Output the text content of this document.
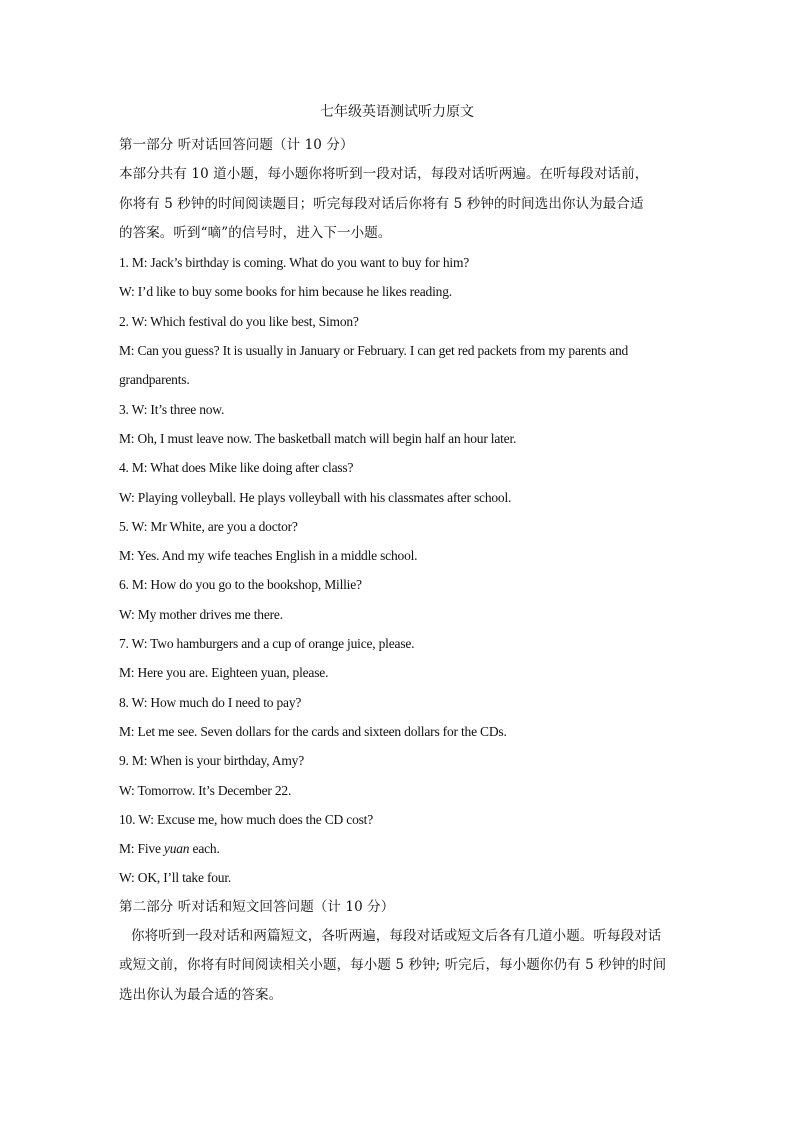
七年级英语测试听力原文
第一部分 听对话回答问题（计 10 分）
本部分共有 10 道小题，每小题你将听到一段对话，每段对话听两遍。在听每段对话前，
你将有 5 秒钟的时间阅读题目；听完每段对话后你将有 5 秒钟的时间选出你认为最合适
的答案。听到“嘀”的信号时，进入下一小题。
1. M: Jack’s birthday is coming. What do you want to buy for him?
W: I’d like to buy some books for him because he likes reading.
2. W: Which festival do you like best, Simon?
M: Can you guess? It is usually in January or February. I can get red packets from my parents and
grandparents.
3. W: It’s three now.
M: Oh, I must leave now. The basketball match will begin half an hour later.
4. M: What does Mike like doing after class?
W: Playing volleyball. He plays volleyball with his classmates after school.
5. W: Mr White, are you a doctor?
M: Yes. And my wife teaches English in a middle school.
6. M: How do you go to the bookshop, Millie?
W: My mother drives me there.
7. W: Two hamburgers and a cup of orange juice, please.
M: Here you are. Eighteen yuan, please.
8. W: How much do I need to pay?
M: Let me see. Seven dollars for the cards and sixteen dollars for the CDs.
9. M: When is your birthday, Amy?
W: Tomorrow. It’s December 22.
10. W: Excuse me, how much does the CD cost?
M: Five yuan each.
W: OK, I’ll take four.
第二部分 听对话和短文回答问题（计 10 分）
你将听到一段对话和两篇短文，各听两遍，每段对话或短文后各有几道小题。听每段对话
或短文前，你将有时间阅读相关小题，每小题 5 秒钟; 听完后，每小题你仍有 5 秒钟的时间
选出你认为最合适的答案。
